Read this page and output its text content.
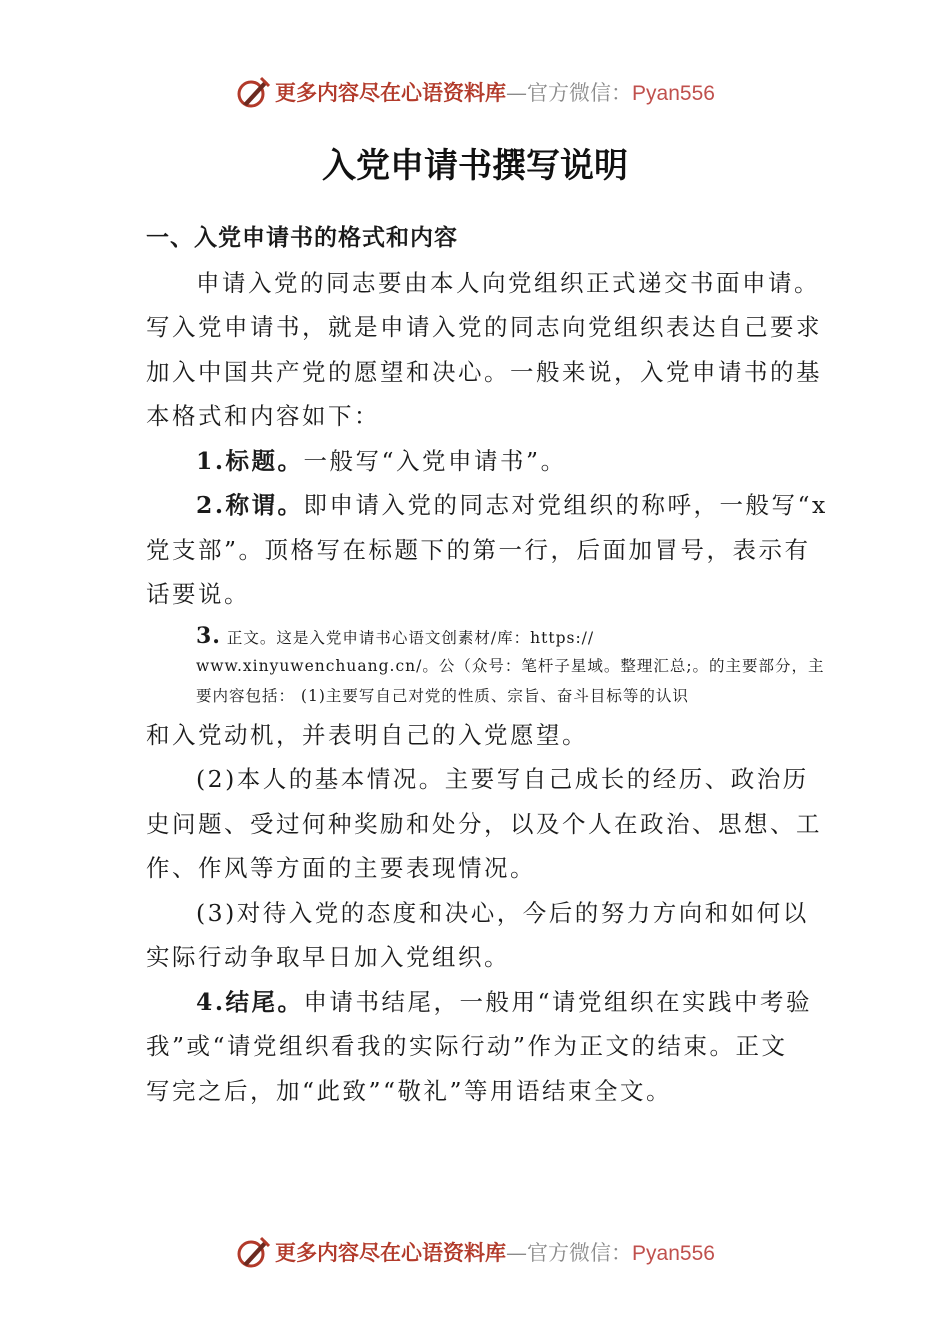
更多内容尽在心语资料库—官方微信：Pyan556
入党申请书撰写说明
一、入党申请书的格式和内容
申请入党的同志要由本人向党组织正式递交书面申请。
写入党申请书，就是申请入党的同志向党组织表达自己要求
加入中国共产党的愿望和决心。一般来说，入党申请书的基
本格式和内容如下：
1.标题。一般写“入党申请书”。
2.称谓。即申请入党的同志对党组织的称呼，一般写“x
党支部”。顶格写在标题下的第一行，后面加冒号，表示有
话要说。
3. 正文。这是入党申请书心语文创素材/库：https://
www.xinyuwenchuang.cn/。公（众号：笔杆子星域。整理汇总;。的主要部分，主
要内容包括： (1)主要写自己对党的性质、宗旨、奋斗目标等的认识
和入党动机，并表明自己的入党愿望。
(2)本人的基本情况。主要写自己成长的经历、政治历
史问题、受过何种奖励和处分，以及个人在政治、思想、工
作、作风等方面的主要表现情况。
(3)对待入党的态度和决心，今后的努力方向和如何以
实际行动争取早日加入党组织。
4.结尾。申请书结尾，一般用“请党组织在实践中考验
我”或“请党组织看我的实际行动”作为正文的结束。正文
写完之后，加“此致”“敬礼”等用语结束全文。
更多内容尽在心语资料库—官方微信：Pyan556
